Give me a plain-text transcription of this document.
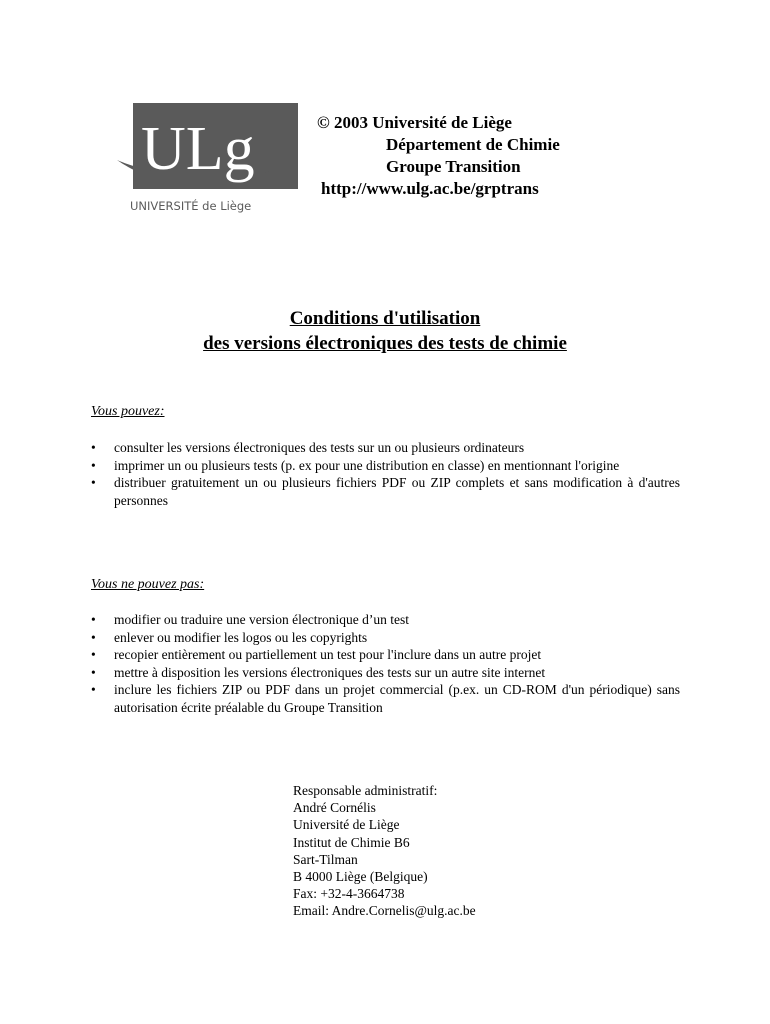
ULg
UNIVERSITÉ de Liège
© 2003 Université de Liège
Département de Chimie
Groupe Transition
http://www.ulg.ac.be/grptrans
Conditions d'utilisation
des versions électroniques des tests de chimie
Vous pouvez:
•	consulter les versions électroniques des tests sur un ou plusieurs ordinateurs
•	imprimer un ou plusieurs tests (p. ex pour une distribution en classe) en mentionnant l'origine
•	distribuer gratuitement un ou plusieurs fichiers PDF ou ZIP complets et sans modification à d'autres personnes
Vous ne pouvez pas:
•	modifier ou traduire une version électronique d’un test
•	enlever ou modifier les logos ou les copyrights
•	recopier entièrement ou partiellement un test pour l'inclure dans un autre projet
•	mettre à disposition les versions électroniques des tests sur un autre site internet
•	inclure les fichiers ZIP ou PDF dans un projet commercial (p.ex. un CD-ROM d'un périodique) sans autorisation écrite préalable du Groupe Transition
Responsable administratif:
André Cornélis
Université de Liège
Institut de Chimie B6
Sart-Tilman
B 4000 Liège (Belgique)
Fax: +32-4-3664738
Email: Andre.Cornelis@ulg.ac.be
